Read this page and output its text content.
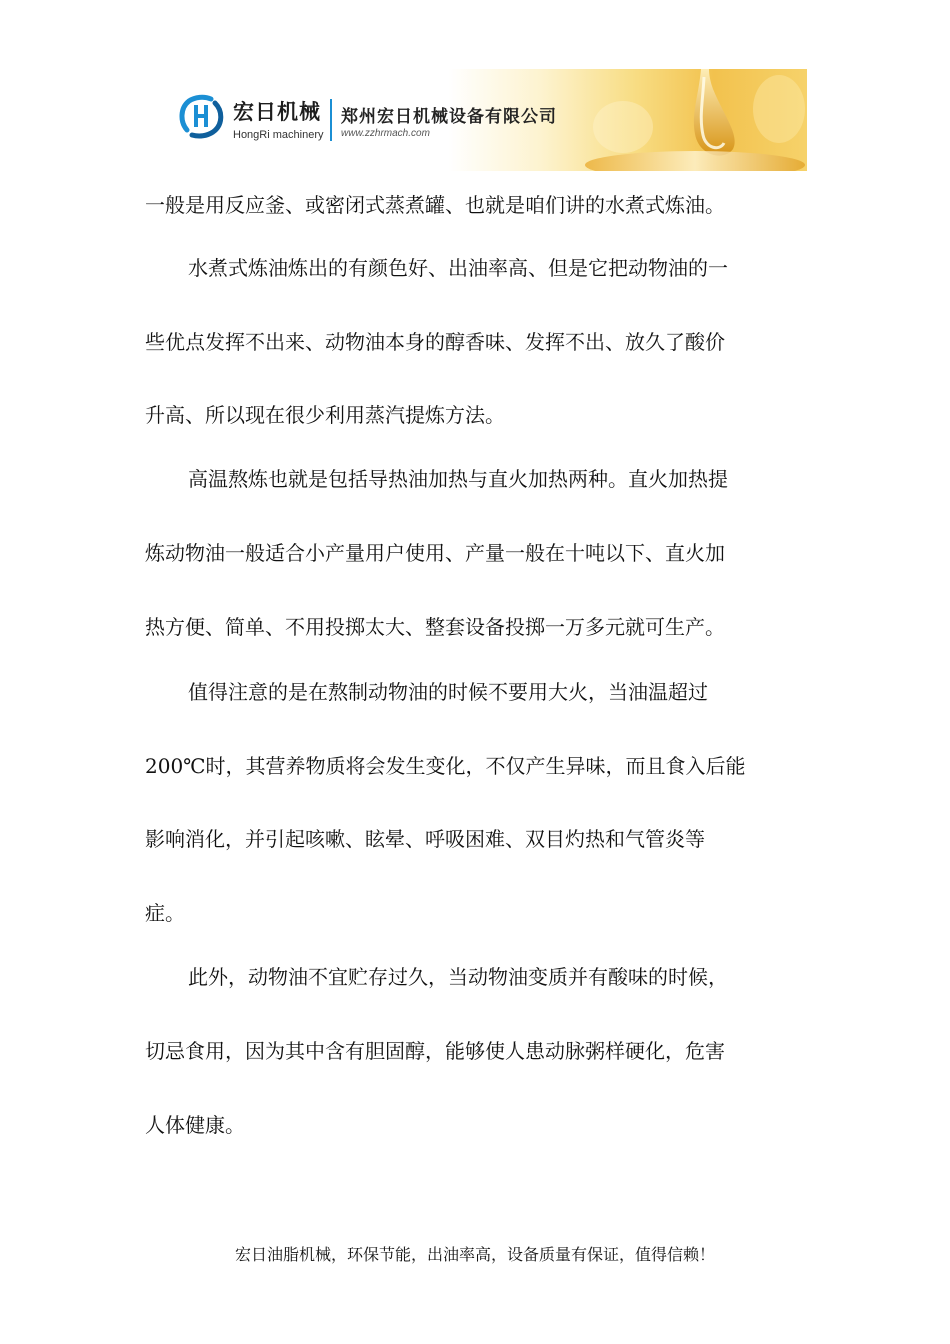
宏日机械
HongRi machinery
郑州宏日机械设备有限公司
www.zzhrmach.com
一般是用反应釜、或密闭式蒸煮罐、也就是咱们讲的水煮式炼油。
水煮式炼油炼出的有颜色好、出油率高、但是它把动物油的一
些优点发挥不出来、动物油本身的醇香味、发挥不出、放久了酸价
升高、所以现在很少利用蒸汽提炼方法。
高温熬炼也就是包括导热油加热与直火加热两种。直火加热提
炼动物油一般适合小产量用户使用、产量一般在十吨以下、直火加
热方便、简单、不用投掷太大、整套设备投掷一万多元就可生产。
值得注意的是在熬制动物油的时候不要用大火，当油温超过
200℃时，其营养物质将会发生变化，不仅产生异味，而且食入后能
影响消化，并引起咳嗽、眩晕、呼吸困难、双目灼热和气管炎等
症。
此外，动物油不宜贮存过久，当动物油变质并有酸味的时候，
切忌食用，因为其中含有胆固醇，能够使人患动脉粥样硬化，危害
人体健康。
宏日油脂机械，环保节能，出油率高，设备质量有保证，值得信赖！
